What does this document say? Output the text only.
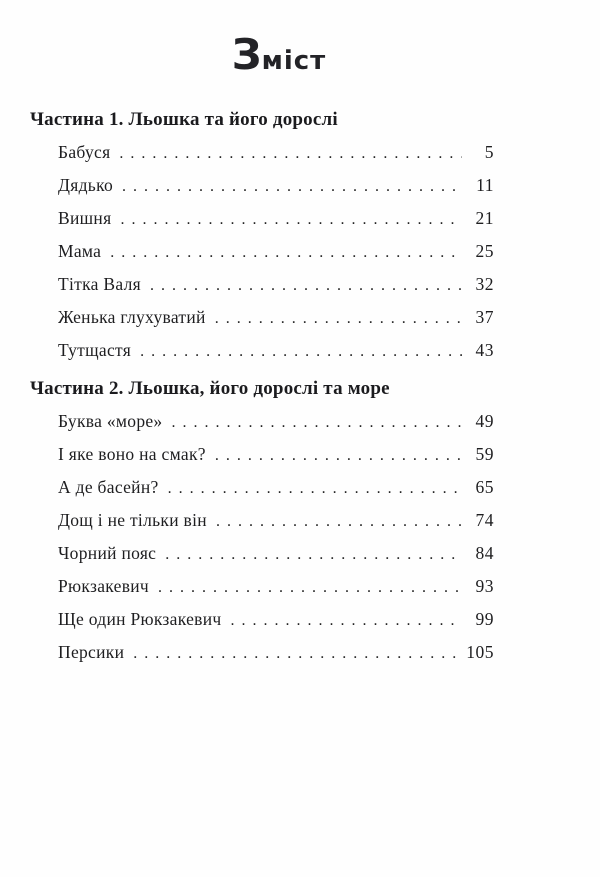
Зміст
Частина 1. Льошка та його дорослі
Бабуся .....	5
Дядько .....	11
Вишня .....	21
Мама .....	25
Тітка Валя .....	32
Женька глухуватий .....	37
Тутщастя .....	43
Частина 2. Льошка, його дорослі та море
Буква «море» .....	49
І яке воно на смак? .....	59
А де басейн? .....	65
Дощ і не тільки він .....	74
Чорний пояс .....	84
Рюкзакевич .....	93
Ще один Рюкзакевич .....	99
Персики .....	105
